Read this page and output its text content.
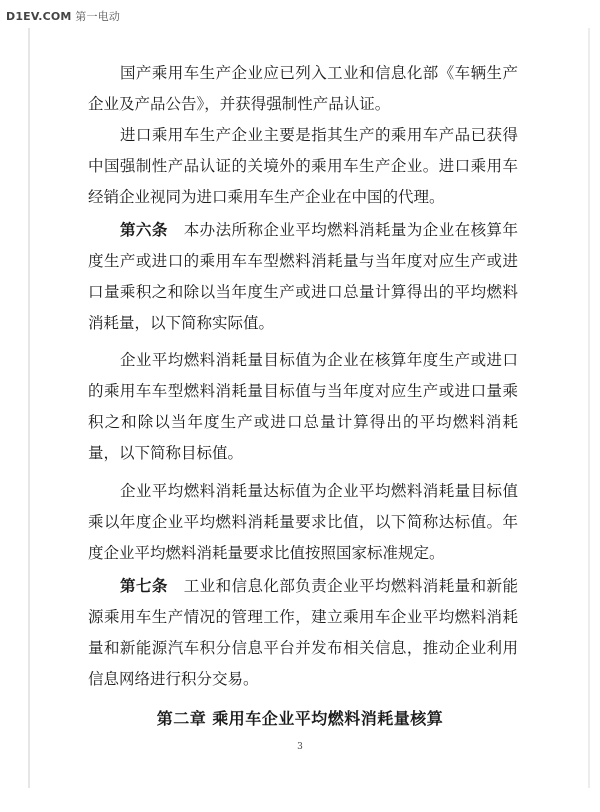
D1EV.COM 第一电动

国产乘用车生产企业应已列入工业和信息化部《车辆生产企业及产品公告》，并获得强制性产品认证。

进口乘用车生产企业主要是指其生产的乘用车产品已获得中国强制性产品认证的关境外的乘用车生产企业。进口乘用车经销企业视同为进口乘用车生产企业在中国的代理。

第六条  本办法所称企业平均燃料消耗量为企业在核算年度生产或进口的乘用车车型燃料消耗量与当年度对应生产或进口量乘积之和除以当年度生产或进口总量计算得出的平均燃料消耗量，以下简称实际值。

企业平均燃料消耗量目标值为企业在核算年度生产或进口的乘用车车型燃料消耗量目标值与当年度对应生产或进口量乘积之和除以当年度生产或进口总量计算得出的平均燃料消耗量，以下简称目标值。

企业平均燃料消耗量达标值为企业平均燃料消耗量目标值乘以年度企业平均燃料消耗量要求比值，以下简称达标值。年度企业平均燃料消耗量要求比值按照国家标准规定。

第七条  工业和信息化部负责企业平均燃料消耗量和新能源乘用车生产情况的管理工作，建立乘用车企业平均燃料消耗量和新能源汽车积分信息平台并发布相关信息，推动企业利用信息网络进行积分交易。

第二章 乘用车企业平均燃料消耗量核算
3
